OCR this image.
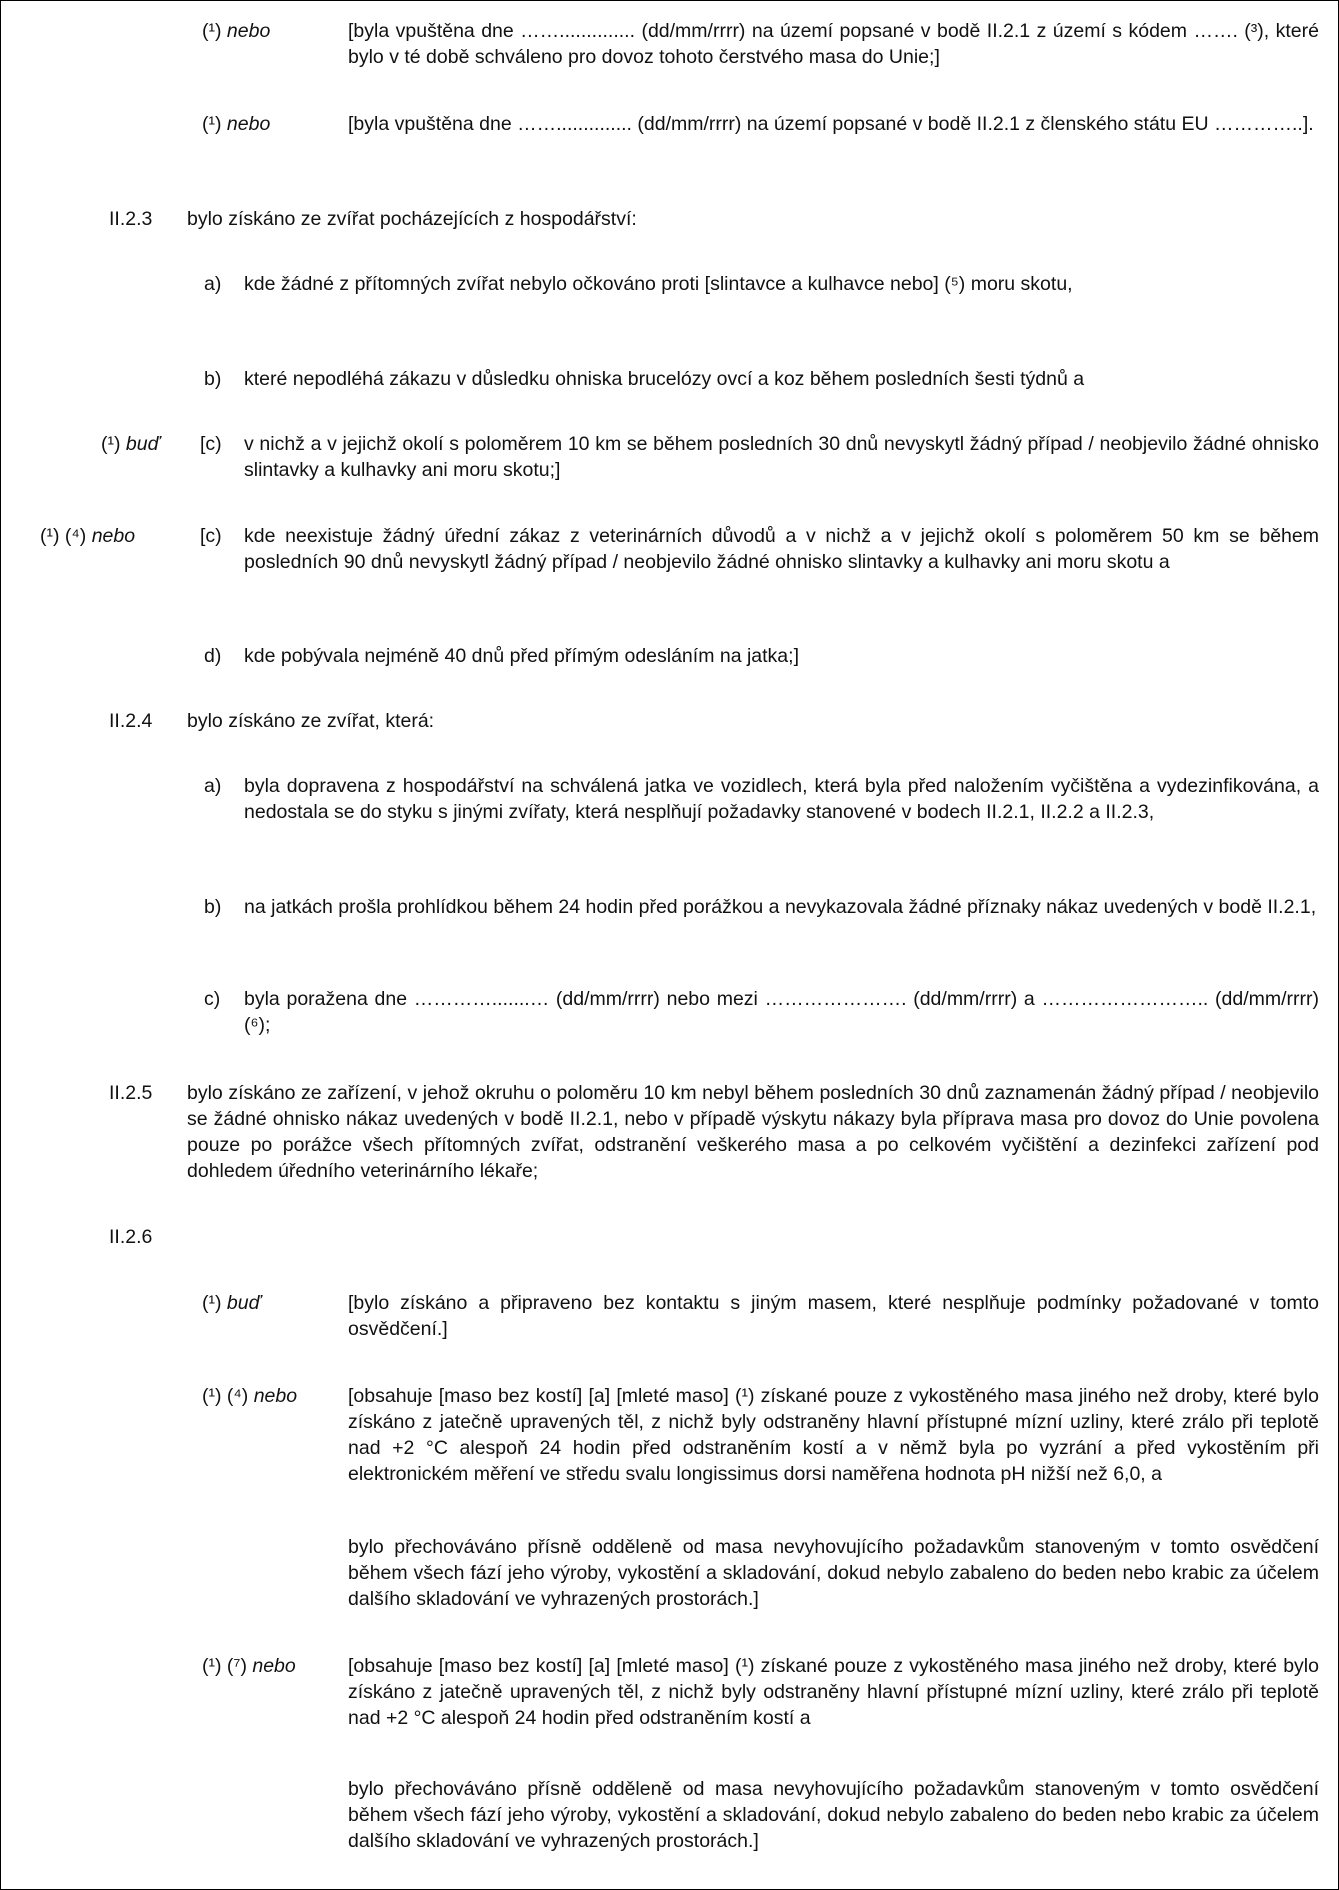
(¹) nebo	[byla vpuštěna dne …….............. (dd/mm/rrrr) na území popsané v bodě II.2.1 z území s kódem ……. (³), které bylo v té době schváleno pro dovoz tohoto čerstvého masa do Unie;]
(¹) nebo	[byla vpuštěna dne …….............. (dd/mm/rrrr) na území popsané v bodě II.2.1 z členského státu EU …………..].
II.2.3 bylo získáno ze zvířat pocházejících z hospodářství:
a) kde žádné z přítomných zvířat nebylo očkováno proti [slintavce a kulhavce nebo] (⁵) moru skotu,
b) které nepodléhá zákazu v důsledku ohniska brucelózy ovcí a koz během posledních šesti týdnů a
(¹) buď [c) v nichž a v jejichž okolí s poloměrem 10 km se během posledních 30 dnů nevyskytl žádný případ / neobjevilo žádné ohnisko slintavky a kulhavky ani moru skotu;]
(¹) (⁴) nebo	[c) kde neexistuje žádný úřední zákaz z veterinárních důvodů a v nichž a v jejichž okolí s poloměrem 50 km se během posledních 90 dnů nevyskytl žádný případ / neobjevilo žádné ohnisko slintavky a kulhavky ani moru skotu a
d) kde pobývala nejméně 40 dnů před přímým odesláním na jatka;]
II.2.4 bylo získáno ze zvířat, která:
a) byla dopravena z hospodářství na schválená jatka ve vozidlech, která byla před naložením vyčištěna a vydezinfikována, a nedostala se do styku s jinými zvířaty, která nesplňují požadavky stanovené v bodech II.2.1, II.2.2 a II.2.3,
b) na jatkách prošla prohlídkou během 24 hodin před porážkou a nevykazovala žádné příznaky nákaz uvedených v bodě II.2.1,
c) byla poražena dne ………….......… (dd/mm/rrrr) nebo mezi …………………. (dd/mm/rrrr) a …………………….. (dd/mm/rrrr) (⁶);
II.2.5 bylo získáno ze zařízení, v jehož okruhu o poloměru 10 km nebyl během posledních 30 dnů zaznamenán žádný případ / neobjevilo se žádné ohnisko nákaz uvedených v bodě II.2.1, nebo v případě výskytu nákazy byla příprava masa pro dovoz do Unie povolena pouze po porážce všech přítomných zvířat, odstranění veškerého masa a po celkovém vyčištění a dezinfekci zařízení pod dohledem úředního veterinárního lékaře;
II.2.6
(¹) buď	[bylo získáno a připraveno bez kontaktu s jiným masem, které nesplňuje podmínky požadované v tomto osvědčení.]
(¹) (⁴) nebo	[obsahuje [maso bez kostí] [a] [mleté maso] (¹) získané pouze z vykostěného masa jiného než droby, které bylo získáno z jatečně upravených těl, z nichž byly odstraněny hlavní přístupné mízní uzliny, které zrálo při teplotě nad +2 °C alespoň 24 hodin před odstraněním kostí a v němž byla po vyzrání a před vykostěním při elektronickém měření ve středu svalu longissimus dorsi naměřena hodnota pH nižší než 6,0, a
bylo přechováváno přísně odděleně od masa nevyhovujícího požadavkům stanoveným v tomto osvědčení během všech fází jeho výroby, vykostění a skladování, dokud nebylo zabaleno do beden nebo krabic za účelem dalšího skladování ve vyhrazených prostorách.]
(¹) (⁷) nebo	[obsahuje [maso bez kostí] [a] [mleté maso] (¹) získané pouze z vykostěného masa jiného než droby, které bylo získáno z jatečně upravených těl, z nichž byly odstraněny hlavní přístupné mízní uzliny, které zrálo při teplotě nad +2 °C alespoň 24 hodin před odstraněním kostí a
bylo přechováváno přísně odděleně od masa nevyhovujícího požadavkům stanoveným v tomto osvědčení během všech fází jeho výroby, vykostění a skladování, dokud nebylo zabaleno do beden nebo krabic za účelem dalšího skladování ve vyhrazených prostorách.]
